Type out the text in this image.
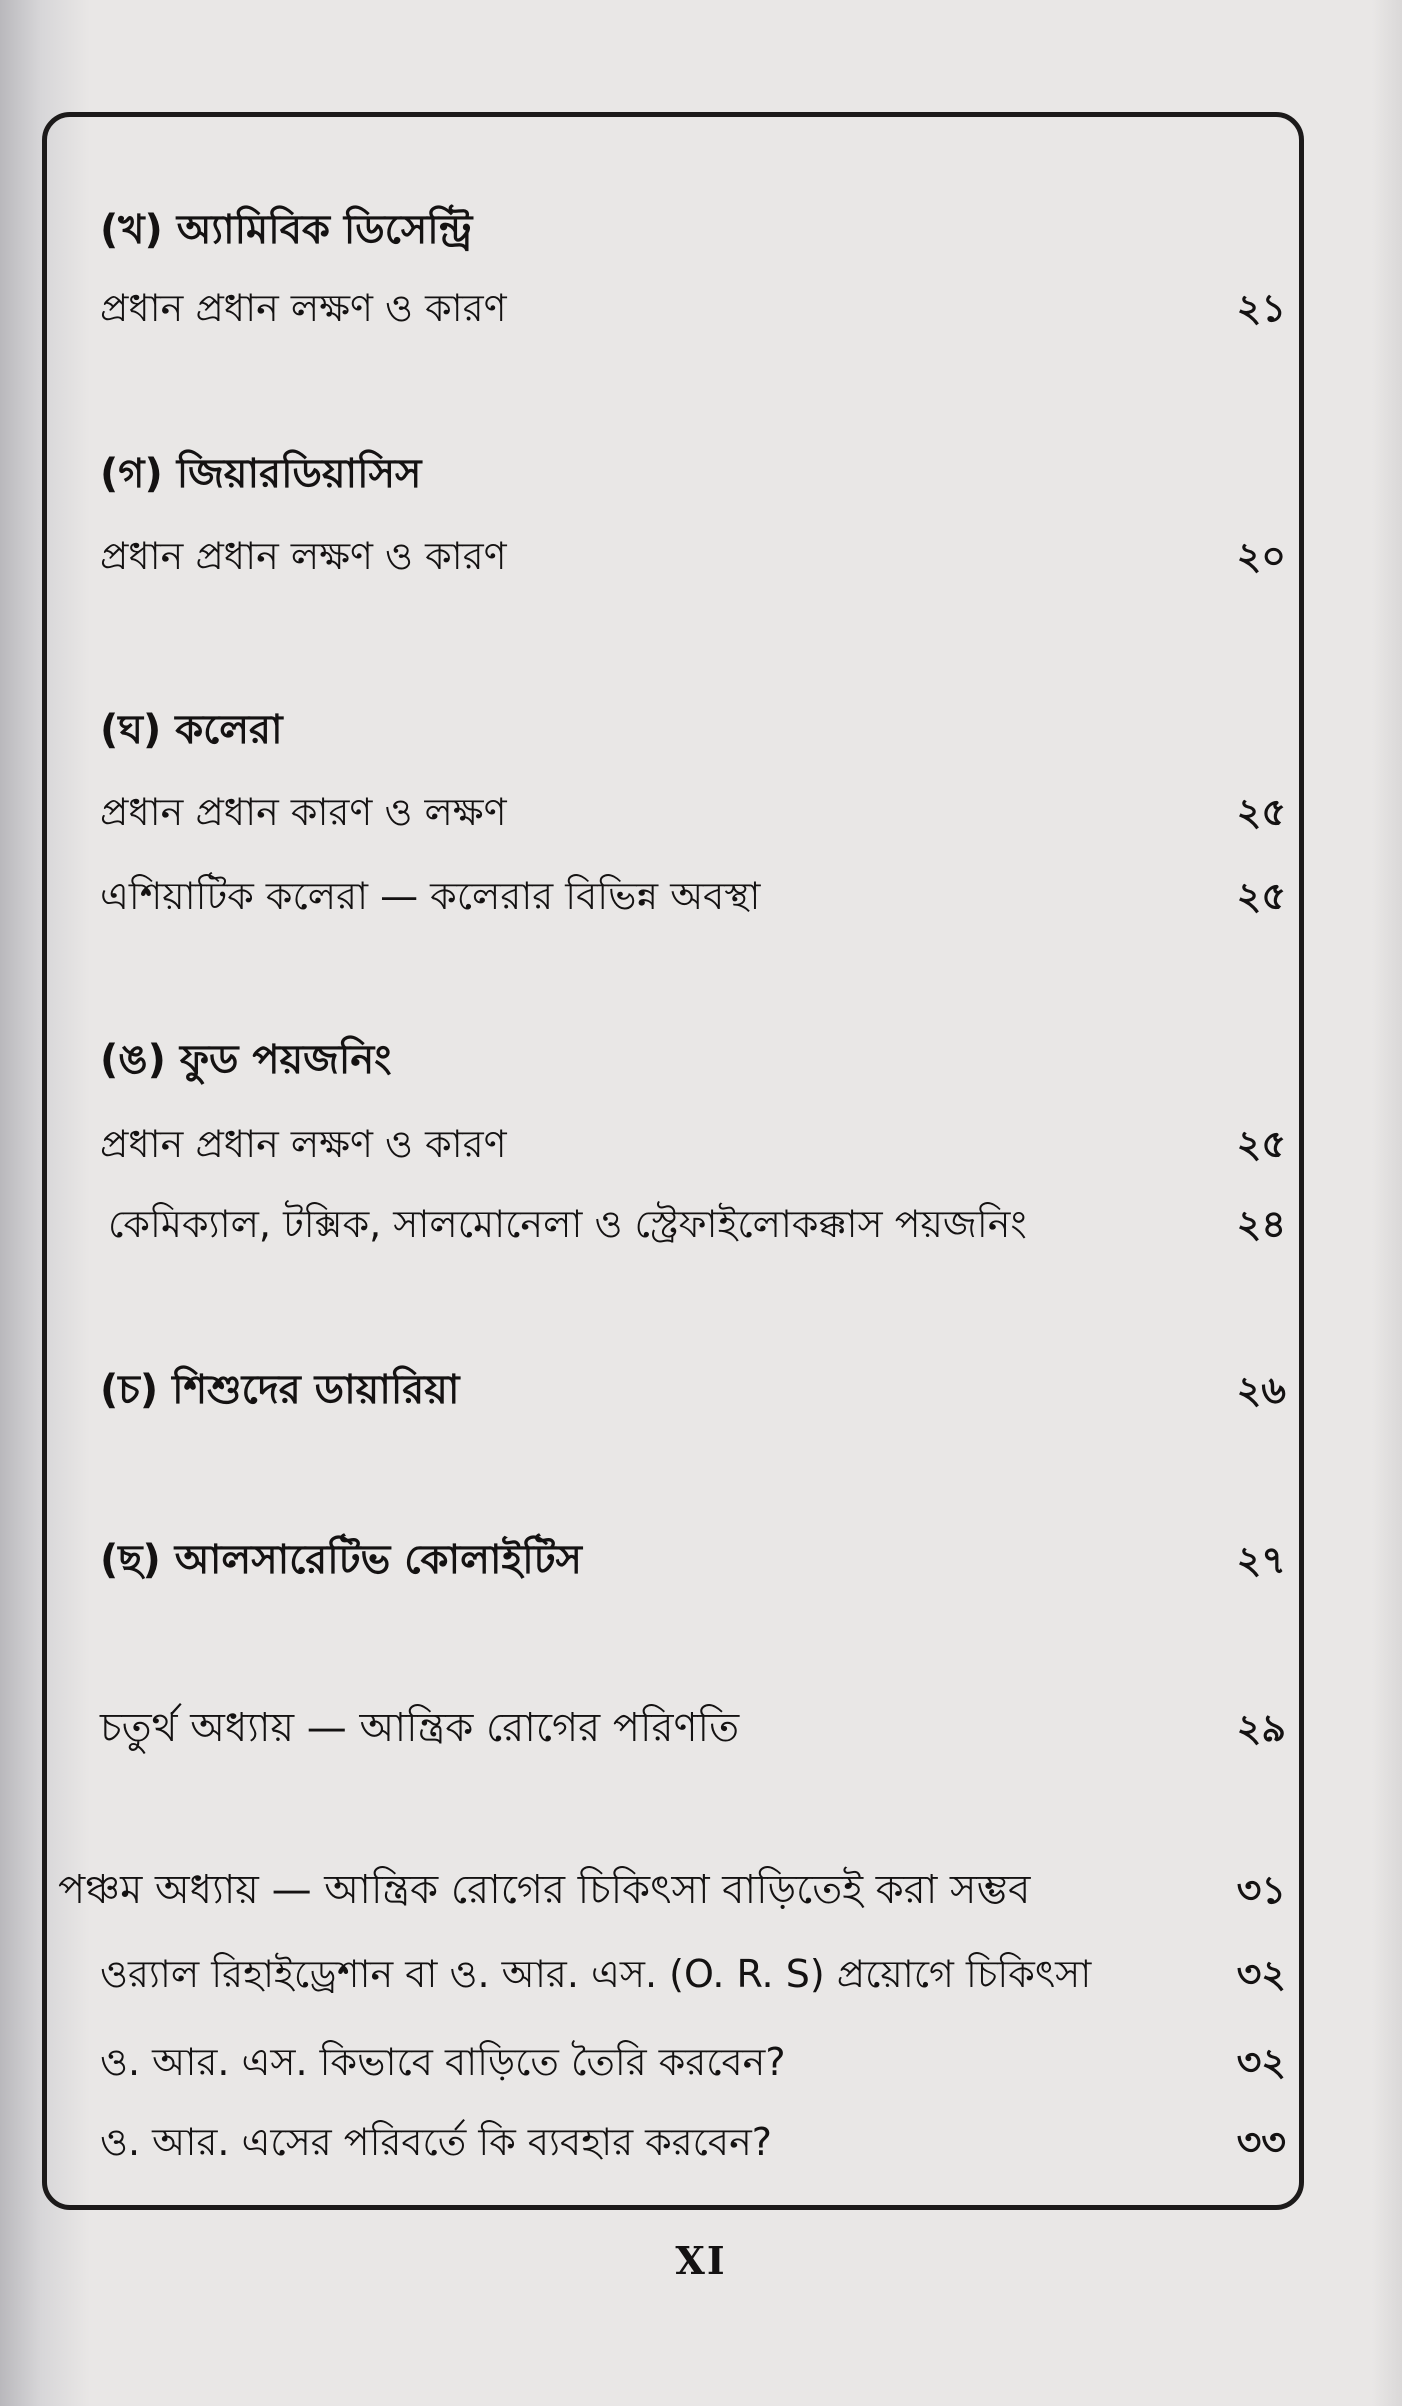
(খ) অ্যামিবিক ডিসেন্ট্রি
প্রধান প্রধান লক্ষণ ও কারণ	২১
(গ) জিয়ারডিয়াসিস
প্রধান প্রধান লক্ষণ ও কারণ	২০
(ঘ) কলেরা
প্রধান প্রধান কারণ ও লক্ষণ	২৫
এশিয়াটিক কলেরা — কলেরার বিভিন্ন অবস্থা	২৫
(ঙ) ফুড পয়জনিং
প্রধান প্রধান লক্ষণ ও কারণ	২৫
কেমিক্যাল, টক্সিক, সালমোনেলা ও স্ট্রেফাইলোকক্কাস পয়জনিং	২৪
(চ) শিশুদের ডায়ারিয়া	২৬
(ছ) আলসারেটিভ কোলাইটিস	২৭
চতুর্থ অধ্যায় — আন্ত্রিক রোগের পরিণতি	২৯
পঞ্চম অধ্যায় — আন্ত্রিক রোগের চিকিৎসা বাড়িতেই করা সম্ভব	৩১
ওর‍্যাল রিহাইড্রেশান বা ও. আর. এস. (O. R. S) প্রয়োগে চিকিৎসা	৩২
ও. আর. এস. কিভাবে বাড়িতে তৈরি করবেন?	৩২
ও. আর. এসের পরিবর্তে কি ব্যবহার করবেন?	৩৩
XI
